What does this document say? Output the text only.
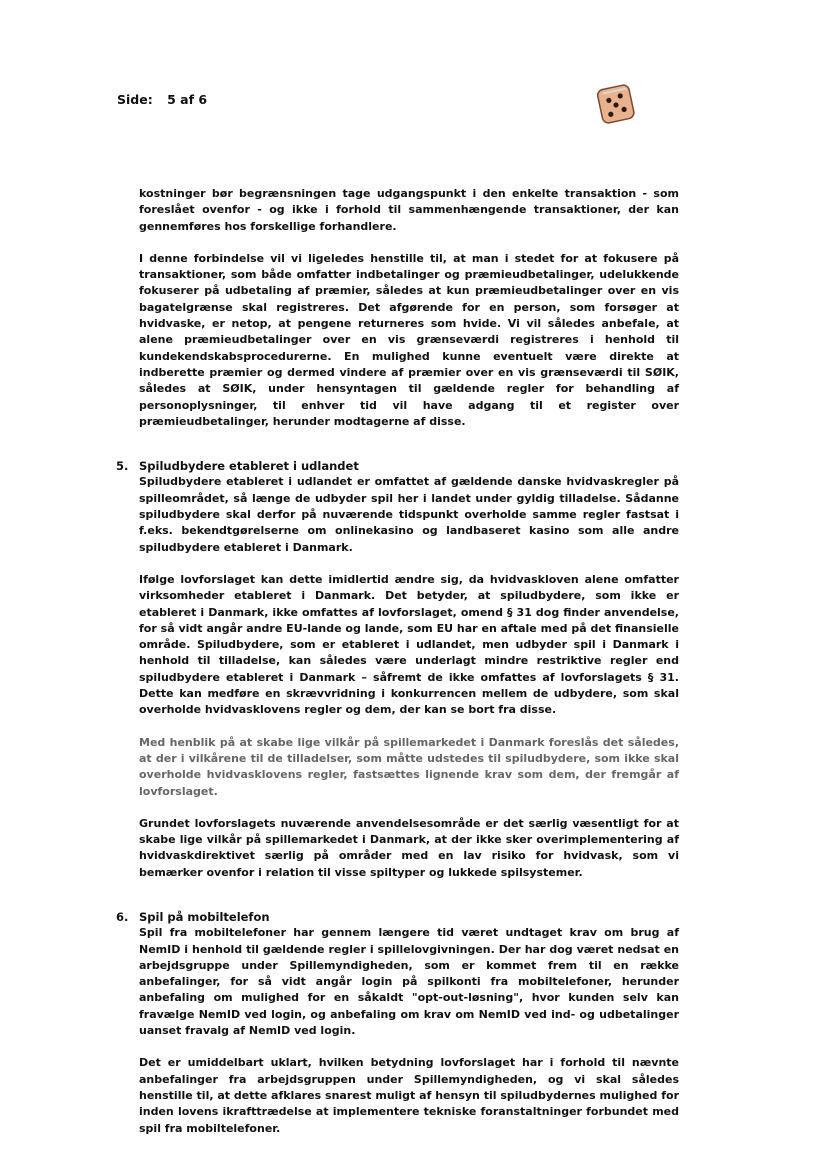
Side: 5 af 6

kostninger bør begrænsningen tage udgangspunkt i den enkelte transaktion - som foreslået ovenfor - og ikke i forhold til sammenhængende transaktioner, der kan gennemføres hos forskellige forhandlere.

I denne forbindelse vil vi ligeledes henstille til, at man i stedet for at fokusere på transaktioner, som både omfatter indbetalinger og præmieudbetalinger, udelukkende fokuserer på udbetaling af præmier, således at kun præmieudbetalinger over en vis bagatelgrænse skal registreres. Det afgørende for en person, som forsøger at hvidvaske, er netop, at pengene returneres som hvide. Vi vil således anbefale, at alene præmieudbetalinger over en vis grænseværdi registreres i henhold til kundekendskabsprocedurerne. En mulighed kunne eventuelt være direkte at indberette præmier og dermed vindere af præmier over en vis grænseværdi til SØIK, således at SØIK, under hensyntagen til gældende regler for behandling af personoplysninger, til enhver tid vil have adgang til et register over præmieudbetalinger, herunder modtagerne af disse.

5. Spiludbydere etableret i udlandet

Spiludbydere etableret i udlandet er omfattet af gældende danske hvidvaskregler på spilleområdet, så længe de udbyder spil her i landet under gyldig tilladelse. Sådanne spiludbydere skal derfor på nuværende tidspunkt overholde samme regler fastsat i f.eks. bekendtgørelserne om onlinekasino og landbaseret kasino som alle andre spiludbydere etableret i Danmark.

Ifølge lovforslaget kan dette imidlertid ændre sig, da hvidvaskloven alene omfatter virksomheder etableret i Danmark. Det betyder, at spiludbydere, som ikke er etableret i Danmark, ikke omfattes af lovforslaget, omend § 31 dog finder anvendelse, for så vidt angår andre EU-lande og lande, som EU har en aftale med på det finansielle område. Spiludbydere, som er etableret i udlandet, men udbyder spil i Danmark i henhold til tilladelse, kan således være underlagt mindre restriktive regler end spiludbydere etableret i Danmark – såfremt de ikke omfattes af lovforslagets § 31. Dette kan medføre en skrævvridning i konkurrencen mellem de udbydere, som skal overholde hvidvasklovens regler og dem, der kan se bort fra disse.

Med henblik på at skabe lige vilkår på spillemarkedet i Danmark foreslås det således, at der i vilkårene til de tilladelser, som måtte udstedes til spiludbydere, som ikke skal overholde hvidvasklovens regler, fastsættes lignende krav som dem, der fremgår af lovforslaget.

Grundet lovforslagets nuværende anvendelsesområde er det særlig væsentligt for at skabe lige vilkår på spillemarkedet i Danmark, at der ikke sker overimplementering af hvidvaskdirektivet særlig på områder med en lav risiko for hvidvask, som vi bemærker ovenfor i relation til visse spiltyper og lukkede spilsystemer.

6. Spil på mobiltelefon

Spil fra mobiltelefoner har gennem længere tid været undtaget krav om brug af NemID i henhold til gældende regler i spillelovgivningen. Der har dog været nedsat en arbejdsgruppe under Spillemyndigheden, som er kommet frem til en række anbefalinger, for så vidt angår login på spilkonti fra mobiltelefoner, herunder anbefaling om mulighed for en såkaldt "opt-out-løsning", hvor kunden selv kan fravælge NemID ved login, og anbefaling om krav om NemID ved ind- og udbetalinger uanset fravalg af NemID ved login.

Det er umiddelbart uklart, hvilken betydning lovforslaget har i forhold til nævnte anbefalinger fra arbejdsgruppen under Spillemyndigheden, og vi skal således henstille til, at dette afklares snarest muligt af hensyn til spiludbydernes mulighed for inden lovens ikrafttrædelse at implementere tekniske foranstaltninger forbundet med spil fra mobiltelefoner.
